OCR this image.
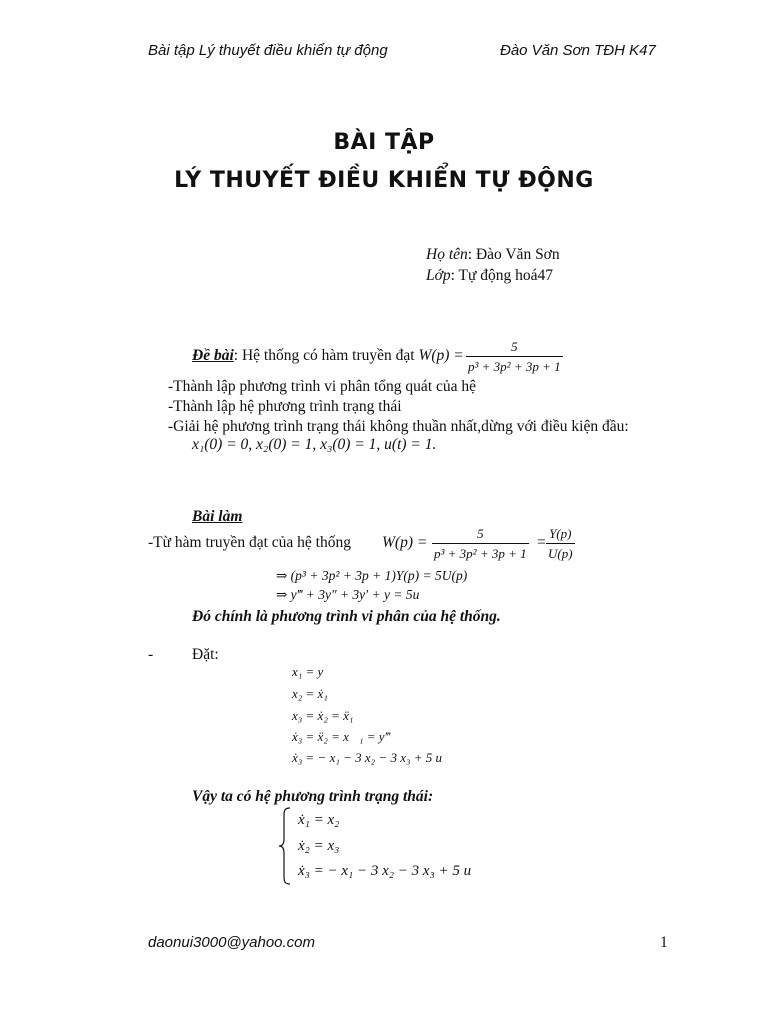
Bài tập Lý thuyết điều khiển tự động	Đào Văn Sơn TĐH K47
BÀI TẬP
LÝ THUYẾT ĐIỀU KHIỂN TỰ ĐỘNG
Họ tên: Đào Văn Sơn
Lớp: Tự động hoá47
Đề bài: Hệ thống có hàm truyền đạt W(p) =
5
p³ + 3p² + 3p + 1
-Thành lập phương trình vi phân tổng quát của hệ
-Thành lập hệ phương trình trạng thái
-Giải hệ phương trình trạng thái không thuần nhất,dừng với điều kiện đầu:
x₁(0) = 0, x₂(0) = 1, x₃(0) = 1, u(t) = 1.
Bài làm
-Từ hàm truyền đạt của hệ thống W(p) =
5
p³ + 3p² + 3p + 1
=
Y(p)
U(p)
⇒ (p³ + 3p² + 3p + 1)Y(p) = 5U(p)
⇒ y‴ + 3y″ + 3y′ + y = 5u
Đó chính là phương trình vi phân của hệ thống.
-	Đặt:
x₁ = y
x₂ = ẋ₁
x₃ = ẋ₂ = ẍ₁
ẋ₃ = ẍ₂ = x⃛₁ = y‴
ẋ₃ = − x₁ − 3 x₂ − 3 x₃ + 5 u
Vậy ta có hệ phương trình trạng thái:
ẋ₁ = x₂
ẋ₂ = x₃
ẋ₃ = − x₁ − 3 x₂ − 3 x₃ + 5 u
daonui3000@yahoo.com	1
